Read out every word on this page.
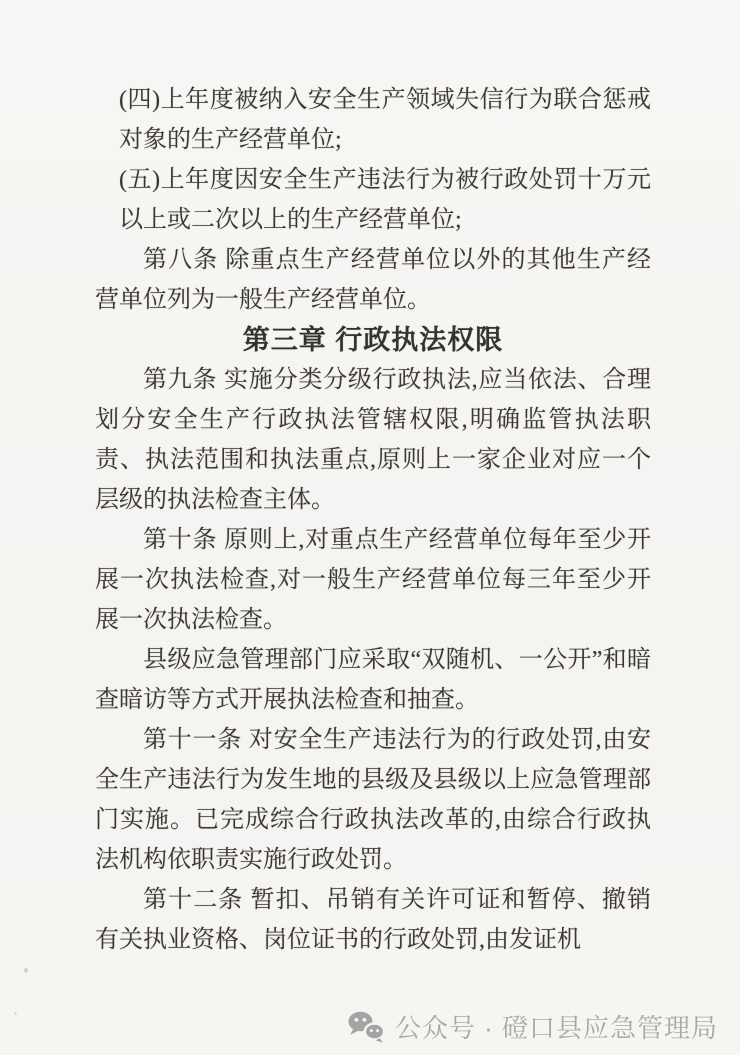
(四)上年度被纳入安全生产领域失信行为联合惩戒对象的生产经营单位;

(五)上年度因安全生产违法行为被行政处罚十万元以上或二次以上的生产经营单位;

第八条 除重点生产经营单位以外的其他生产经营单位列为一般生产经营单位。

第三章 行政执法权限

第九条 实施分类分级行政执法,应当依法、合理划分安全生产行政执法管辖权限,明确监管执法职责、执法范围和执法重点,原则上一家企业对应一个层级的执法检查主体。

第十条 原则上,对重点生产经营单位每年至少开展一次执法检查,对一般生产经营单位每三年至少开展一次执法检查。

县级应急管理部门应采取“双随机、一公开”和暗查暗访等方式开展执法检查和抽查。

第十一条 对安全生产违法行为的行政处罚,由安全生产违法行为发生地的县级及县级以上应急管理部门实施。已完成综合行政执法改革的,由综合行政执法机构依职责实施行政处罚。

第十二条 暂扣、吊销有关许可证和暂停、撤销有关执业资格、岗位证书的行政处罚,由发证机

公众号 · 磴口县应急管理局
